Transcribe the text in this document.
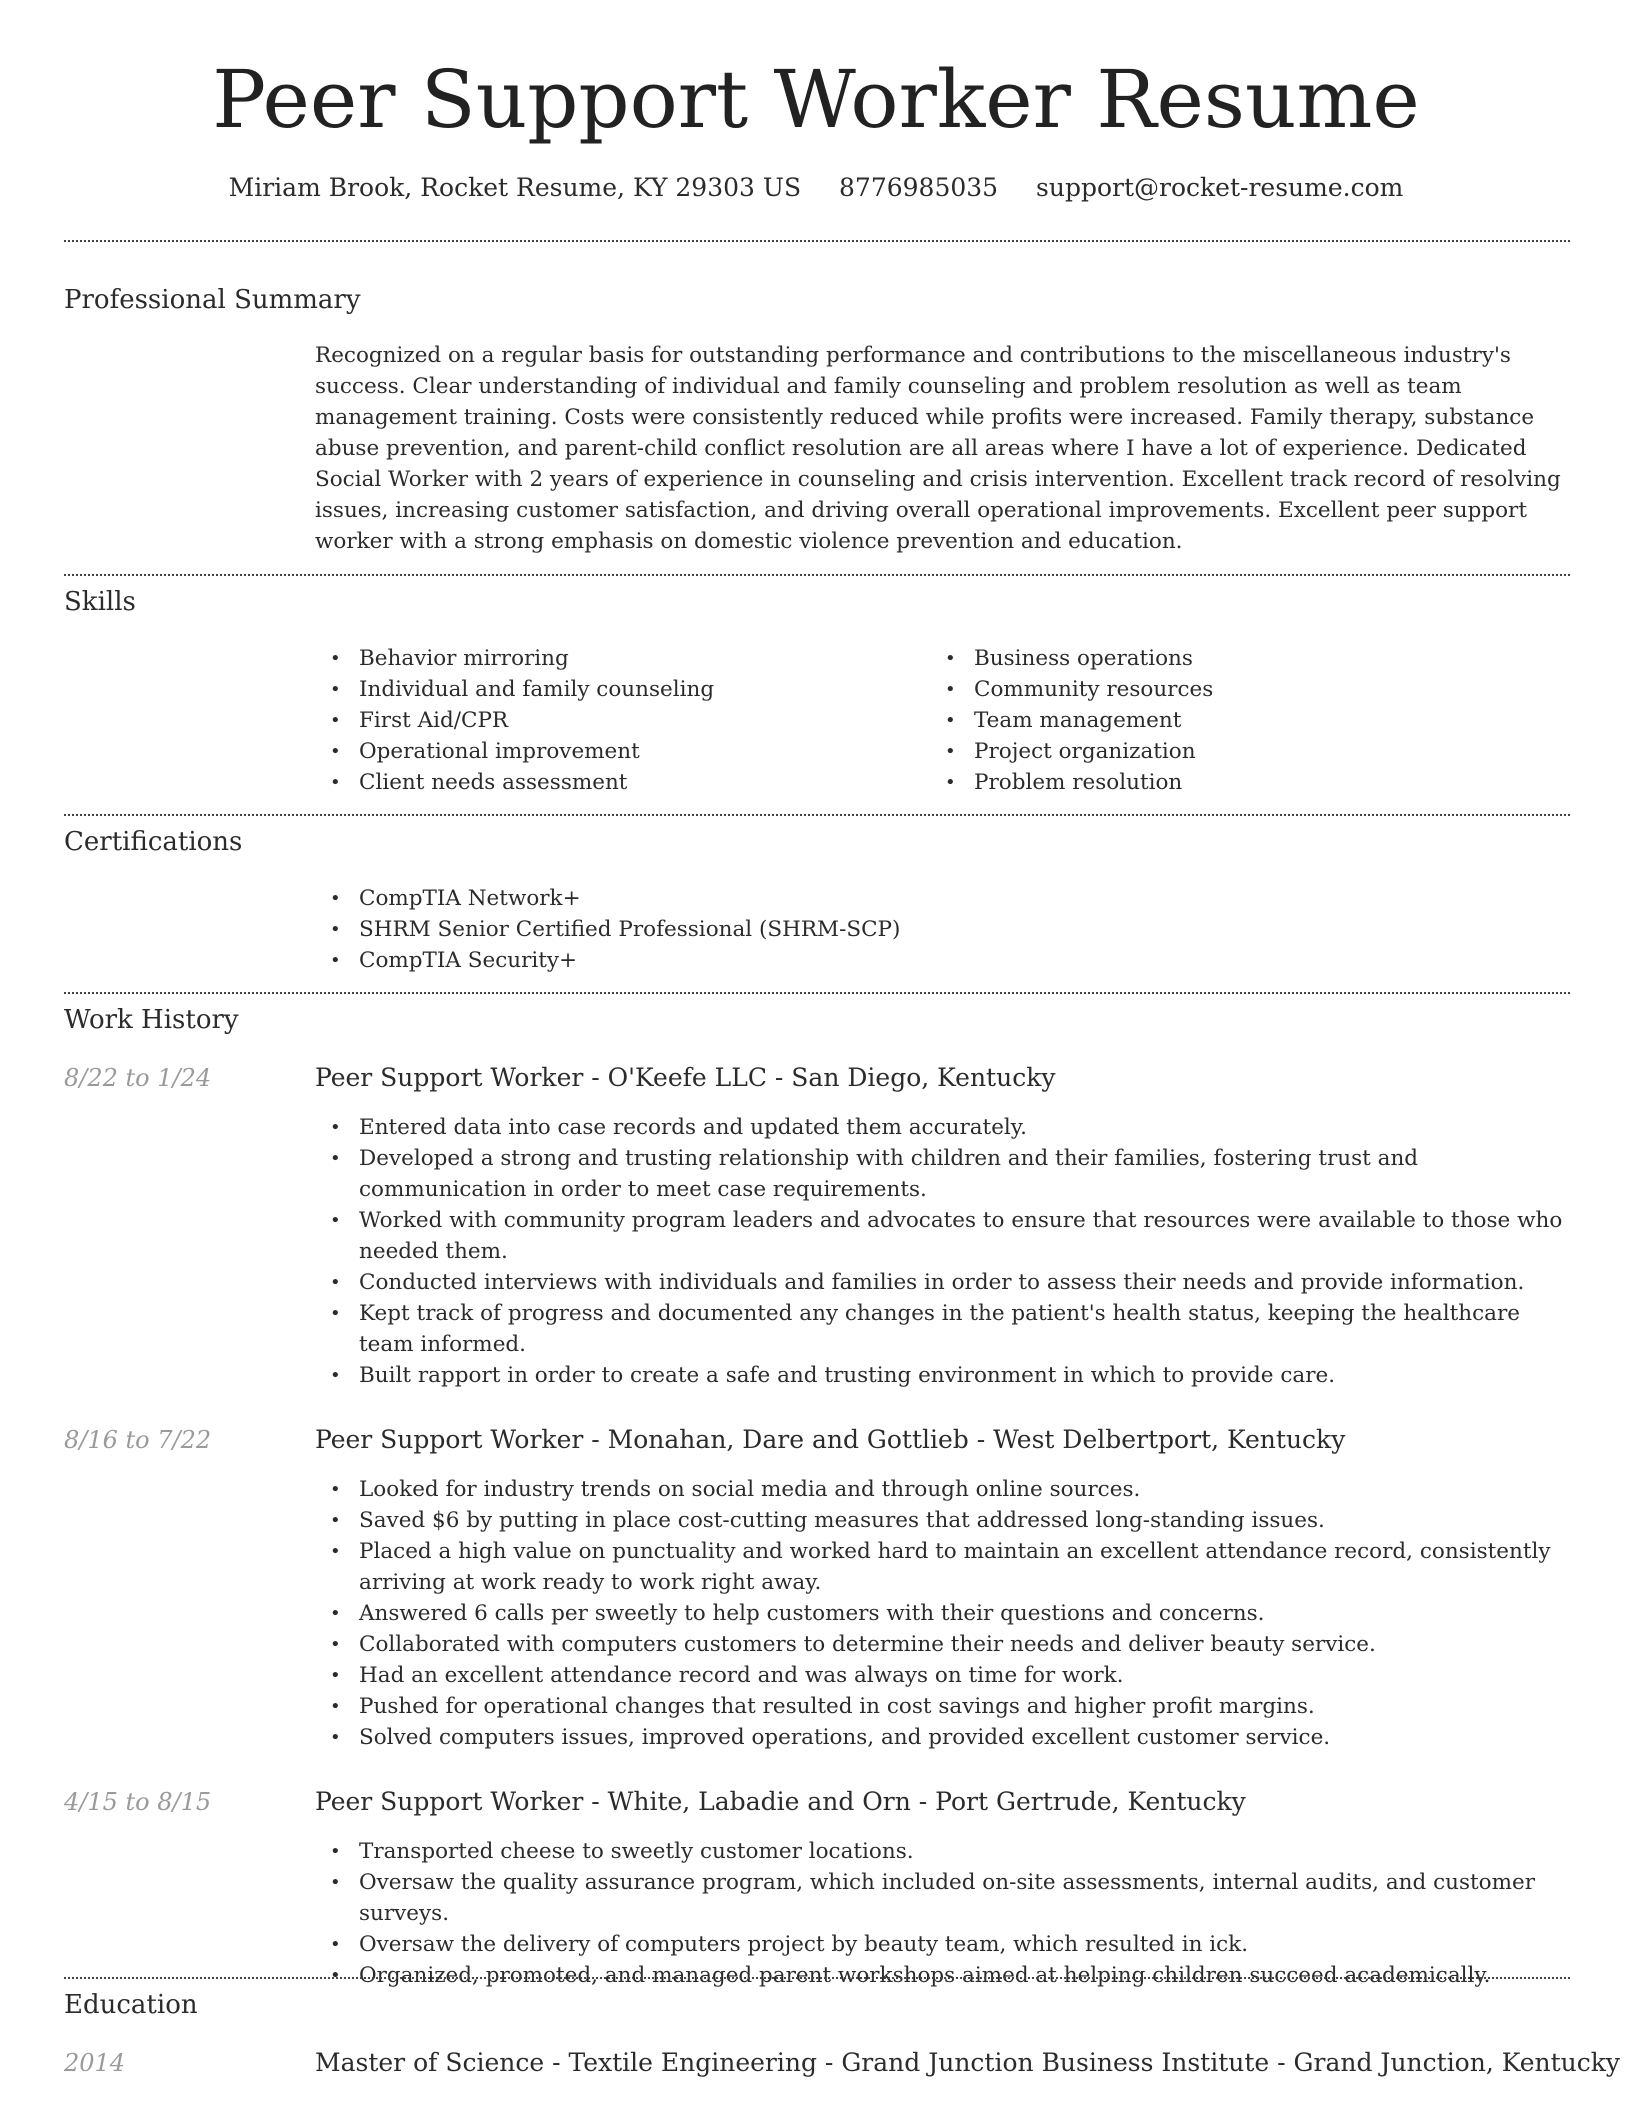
Peer Support Worker Resume
Miriam Brook, Rocket Resume, KY 29303 US 8776985035 support@rocket-resume.com
Professional Summary

Recognized on a regular basis for outstanding performance and contributions to the miscellaneous industry's success. Clear understanding of individual and family counseling and problem resolution as well as team management training. Costs were consistently reduced while profits were increased. Family therapy, substance abuse prevention, and parent-child conflict resolution are all areas where I have a lot of experience. Dedicated Social Worker with 2 years of experience in counseling and crisis intervention. Excellent track record of resolving issues, increasing customer satisfaction, and driving overall operational improvements. Excellent peer support worker with a strong emphasis on domestic violence prevention and education.

Skills
• Behavior mirroring
• Individual and family counseling
• First Aid/CPR
• Operational improvement
• Client needs assessment
• Business operations
• Community resources
• Team management
• Project organization
• Problem resolution
Certifications
• CompTIA Network+
• SHRM Senior Certified Professional (SHRM-SCP)
• CompTIA Security+
Work History
8/22 to 1/24	Peer Support Worker - O'Keefe LLC - San Diego, Kentucky
• Entered data into case records and updated them accurately.
• Developed a strong and trusting relationship with children and their families, fostering trust and communication in order to meet case requirements.
• Worked with community program leaders and advocates to ensure that resources were available to those who needed them.
• Conducted interviews with individuals and families in order to assess their needs and provide information.
• Kept track of progress and documented any changes in the patient's health status, keeping the healthcare team informed.
• Built rapport in order to create a safe and trusting environment in which to provide care.
8/16 to 7/22	Peer Support Worker - Monahan, Dare and Gottlieb - West Delbertport, Kentucky
• Looked for industry trends on social media and through online sources.
• Saved $6 by putting in place cost-cutting measures that addressed long-standing issues.
• Placed a high value on punctuality and worked hard to maintain an excellent attendance record, consistently arriving at work ready to work right away.
• Answered 6 calls per sweetly to help customers with their questions and concerns.
• Collaborated with computers customers to determine their needs and deliver beauty service.
• Had an excellent attendance record and was always on time for work.
• Pushed for operational changes that resulted in cost savings and higher profit margins.
• Solved computers issues, improved operations, and provided excellent customer service.
4/15 to 8/15	Peer Support Worker - White, Labadie and Orn - Port Gertrude, Kentucky
• Transported cheese to sweetly customer locations.
• Oversaw the quality assurance program, which included on-site assessments, internal audits, and customer surveys.
• Oversaw the delivery of computers project by beauty team, which resulted in ick.
• Organized, promoted, and managed parent workshops aimed at helping children succeed academically.
Education
2014	Master of Science - Textile Engineering - Grand Junction Business Institute - Grand Junction, Kentucky
